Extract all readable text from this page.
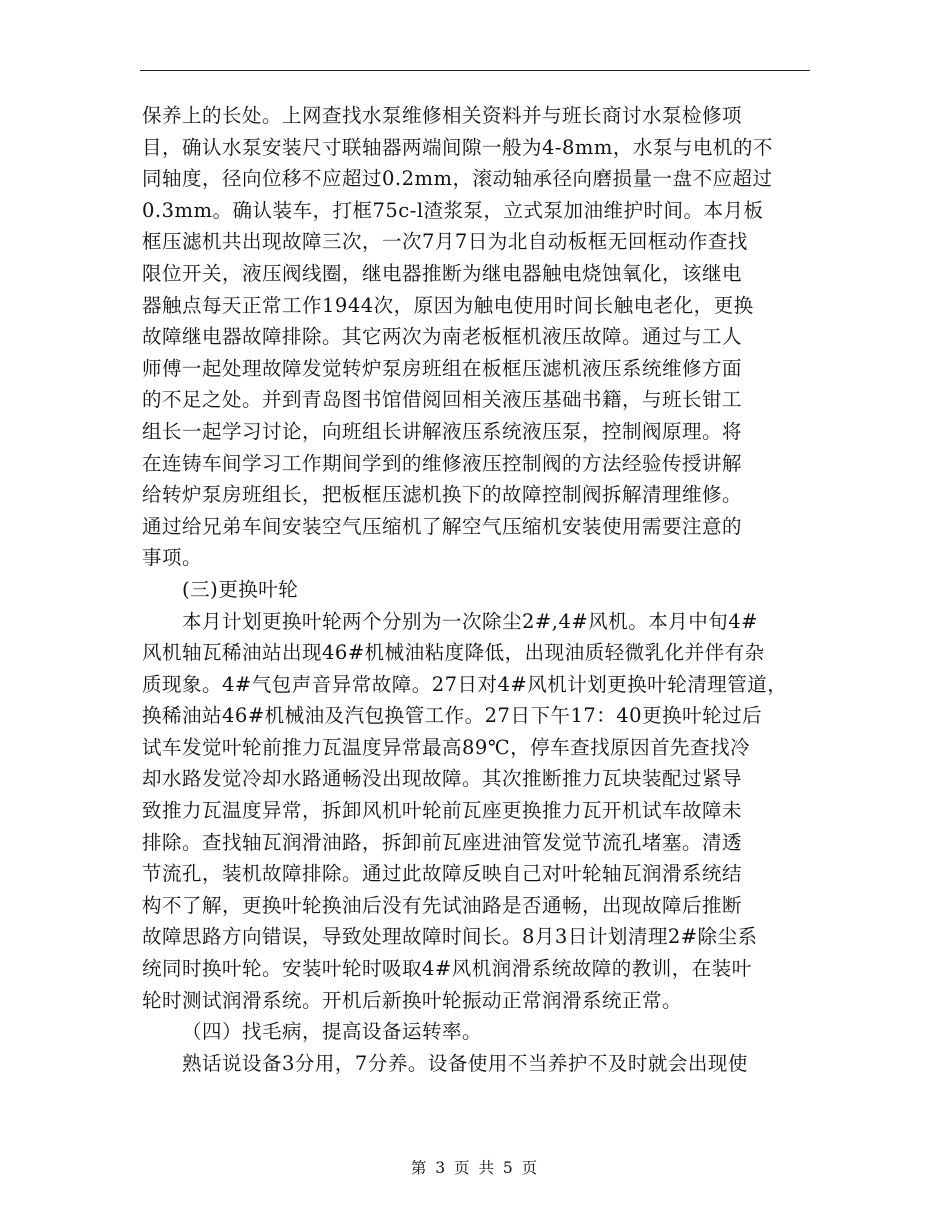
保养上的长处。上网查找水泵维修相关资料并与班长商讨水泵检修项
目，确认水泵安装尺寸联轴器两端间隙一般为4-8mm，水泵与电机的不
同轴度，径向位移不应超过0.2mm，滚动轴承径向磨损量一盘不应超过
0.3mm。确认装车，打框75c-l渣浆泵，立式泵加油维护时间。本月板
框压滤机共出现故障三次，一次7月7日为北自动板框无回框动作查找
限位开关，液压阀线圈，继电器推断为继电器触电烧蚀氧化，该继电
器触点每天正常工作1944次，原因为触电使用时间长触电老化，更换
故障继电器故障排除。其它两次为南老板框机液压故障。通过与工人
师傅一起处理故障发觉转炉泵房班组在板框压滤机液压系统维修方面
的不足之处。并到青岛图书馆借阅回相关液压基础书籍，与班长钳工
组长一起学习讨论，向班组长讲解液压系统液压泵，控制阀原理。将
在连铸车间学习工作期间学到的维修液压控制阀的方法经验传授讲解
给转炉泵房班组长，把板框压滤机换下的故障控制阀拆解清理维修。
通过给兄弟车间安装空气压缩机了解空气压缩机安装使用需要注意的
事项。
(三)更换叶轮
本月计划更换叶轮两个分别为一次除尘2#,4#风机。本月中旬4#
风机轴瓦稀油站出现46#机械油粘度降低，出现油质轻微乳化并伴有杂
质现象。4#气包声音异常故障。27日对4#风机计划更换叶轮清理管道，
换稀油站46#机械油及汽包换管工作。27日下午17：40更换叶轮过后
试车发觉叶轮前推力瓦温度异常最高89℃，停车查找原因首先查找冷
却水路发觉冷却水路通畅没出现故障。其次推断推力瓦块装配过紧导
致推力瓦温度异常，拆卸风机叶轮前瓦座更换推力瓦开机试车故障未
排除。查找轴瓦润滑油路，拆卸前瓦座进油管发觉节流孔堵塞。清透
节流孔，装机故障排除。通过此故障反映自己对叶轮轴瓦润滑系统结
构不了解，更换叶轮换油后没有先试油路是否通畅，出现故障后推断
故障思路方向错误，导致处理故障时间长。8月3日计划清理2#除尘系
统同时换叶轮。安装叶轮时吸取4#风机润滑系统故障的教训，在装叶
轮时测试润滑系统。开机后新换叶轮振动正常润滑系统正常。
（四）找毛病，提高设备运转率。
熟话说设备3分用，7分养。设备使用不当养护不及时就会出现使
第 3 页 共 5 页
